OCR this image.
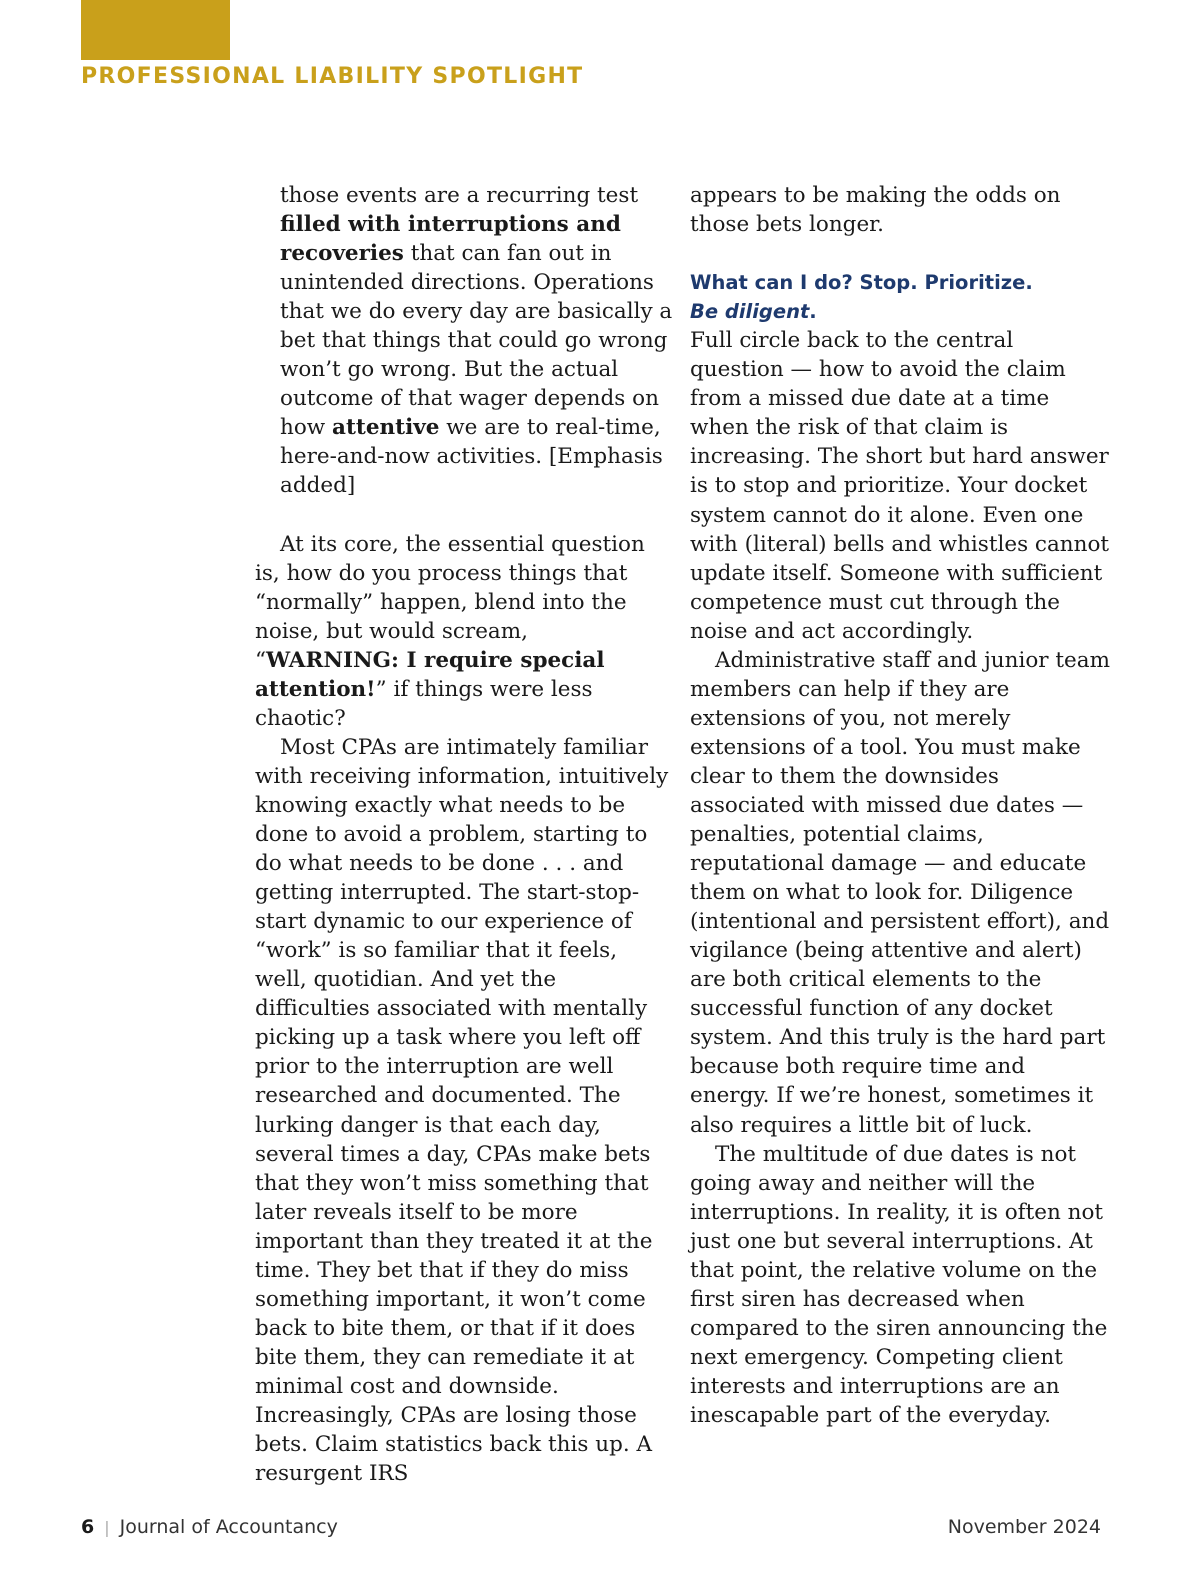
PROFESSIONAL LIABILITY SPOTLIGHT

those events are a recurring test filled with interruptions and recoveries that can fan out in unintended directions. Operations that we do every day are basically a bet that things that could go wrong won’t go wrong. But the actual outcome of that wager depends on how attentive we are to real-time, here-and-now activities. [Emphasis added]

At its core, the essential question is, how do you process things that “normally” happen, blend into the noise, but would scream, “WARNING: I require special attention!” if things were less chaotic?

Most CPAs are intimately familiar with receiving information, intuitively knowing exactly what needs to be done to avoid a problem, starting to do what needs to be done . . . and getting interrupted. The start-stop-start dynamic to our experience of “work” is so familiar that it feels, well, quotidian. And yet the difficulties associated with mentally picking up a task where you left off prior to the interruption are well researched and documented. The lurking danger is that each day, several times a day, CPAs make bets that they won’t miss something that later reveals itself to be more important than they treated it at the time. They bet that if they do miss something important, it won’t come back to bite them, or that if it does bite them, they can remediate it at minimal cost and downside. Increasingly, CPAs are losing those bets. Claim statistics back this up. A resurgent IRS

appears to be making the odds on those bets longer.

What can I do? Stop. Prioritize.
Be diligent.

Full circle back to the central question — how to avoid the claim from a missed due date at a time when the risk of that claim is increasing. The short but hard answer is to stop and prioritize. Your docket system cannot do it alone. Even one with (literal) bells and whistles cannot update itself. Someone with sufficient competence must cut through the noise and act accordingly.

Administrative staff and junior team members can help if they are extensions of you, not merely extensions of a tool. You must make clear to them the downsides associated with missed due dates — penalties, potential claims, reputational damage — and educate them on what to look for. Diligence (intentional and persistent effort), and vigilance (being attentive and alert) are both critical elements to the successful function of any docket system. And this truly is the hard part because both require time and energy. If we’re honest, sometimes it also requires a little bit of luck.

The multitude of due dates is not going away and neither will the interruptions. In reality, it is often not just one but several interruptions. At that point, the relative volume on the first siren has decreased when compared to the siren announcing the next emergency. Competing client interests and interruptions are an inescapable part of the everyday.

6 | Journal of Accountancy	November 2024
